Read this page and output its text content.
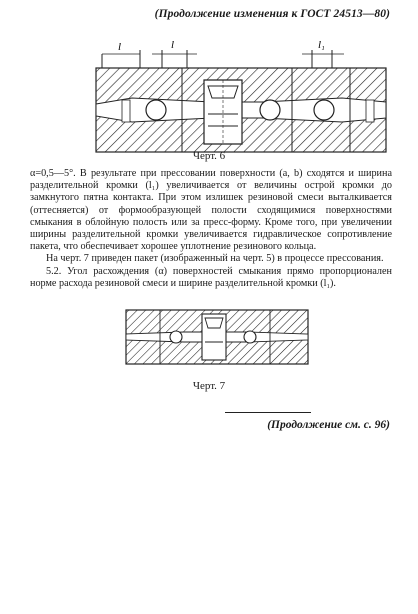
(Продолжение изменения к ГОСТ 24513—80)
l	l	l₁
Черт. 6

α=0,5—5°. В результате при прессовании поверхности (a, b) сходятся и ширина разделительной кромки (l₁) увеличивается от величины острой кромки до замкнутого пятна контакта. При этом излишек резиновой смеси выталкивается (оттесняется) от формообразующей полости сходящимися поверхностями смыкания в облойную полость или за пресс-форму. Кроме того, при увеличении ширины разделительной кромки увеличивается гидравлическое сопротивление пакета, что обеспечивает хорошее уплотнение резинового кольца.

На черт. 7 приведен пакет (изображенный на черт. 5) в процессе прессования.

5.2. Угол расхождения (α) поверхностей смыкания прямо пропорционален норме расхода резиновой смеси и ширине разделительной кромки (l₁).

Черт. 7
(Продолжение см. с. 96)
